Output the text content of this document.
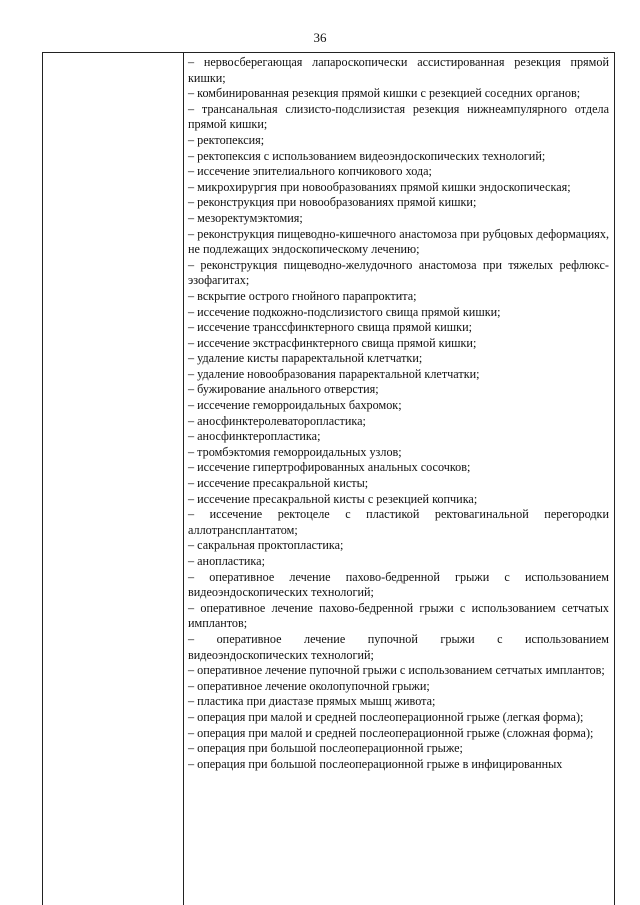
36

– нервосберегающая лапароскопически ассистированная резекция прямой кишки;

– комбинированная резекция прямой кишки с резекцией соседних органов;

– трансанальная слизисто-подслизистая резекция нижнеампулярного отдела прямой кишки;

– ректопексия;

– ректопексия с использованием видеоэндоскопических технологий;

– иссечение эпителиального копчикового хода;

– микрохирургия при новообразованиях прямой кишки эндоскопическая;

– реконструкция при новообразованиях прямой кишки;

– мезоректумэктомия;

– реконструкция пищеводно-кишечного анастомоза при рубцовых деформациях, не подлежащих эндоскопическому лечению;

– реконструкция пищеводно-желудочного анастомоза при тяжелых рефлюкс-эзофагитах;

– вскрытие острого гнойного парапроктита;

– иссечение подкожно-подслизистого свища прямой кишки;

– иссечение транссфинктерного свища прямой кишки;

– иссечение экстрасфинктерного свища прямой кишки;

– удаление кисты параректальной клетчатки;

– удаление новообразования параректальной клетчатки;

– бужирование анального отверстия;

– иссечение геморроидальных бахромок;

– аносфинктеролеваторопластика;

– аносфинктеропластика;

– тромбэктомия геморроидальных узлов;

– иссечение гипертрофированных анальных сосочков;

– иссечение пресакральной кисты;

– иссечение пресакральной кисты с резекцией копчика;

– иссечение ректоцеле с пластикой ректовагинальной перегородки аллотрансплантатом;

– сакральная проктопластика;

– анопластика;

– оперативное лечение пахово-бедренной грыжи с использованием видеоэндоскопических технологий;

– оперативное лечение пахово-бедренной грыжи с использованием сетчатых имплантов;

– оперативное лечение пупочной грыжи с использованием видеоэндоскопических технологий;

– оперативное лечение пупочной грыжи с использованием сетчатых имплантов;

– оперативное лечение околопупочной грыжи;

– пластика при диастазе прямых мышц живота;

– операция при малой и средней послеоперационной грыже (легкая форма);

– операция при малой и средней послеоперационной грыже (сложная форма);

– операция при большой послеоперационной грыже;

– операция при большой послеоперационной грыже в инфицированных
